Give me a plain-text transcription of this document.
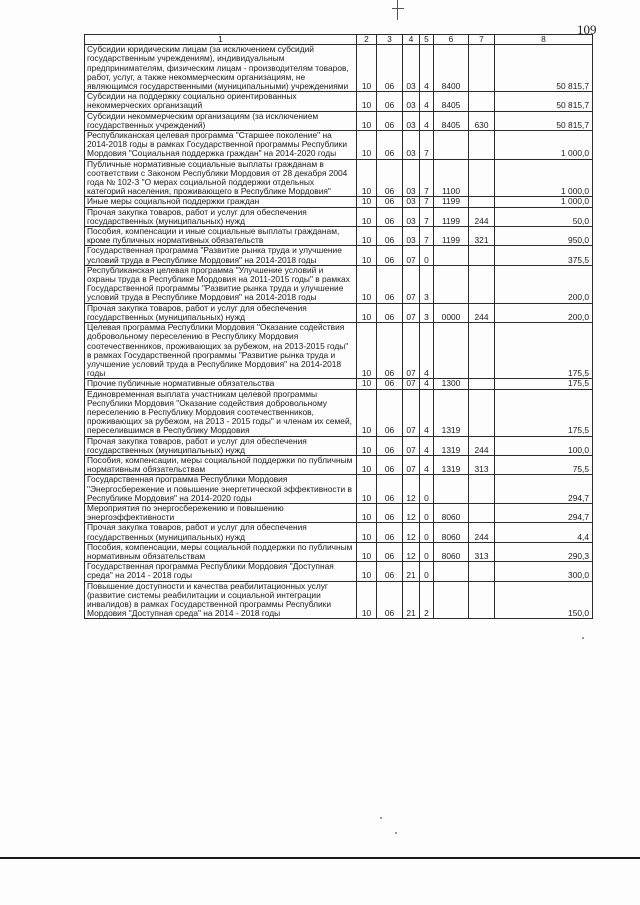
109
1	2	3	4	5	6	7	8
Субсидии юридическим лицам (за исключением субсидий государственным учреждениям), индивидуальным предпринимателям, физическим лицам - производителям товаров, работ, услуг, а также некоммерческим организациям, не являющимся государственными (муниципальными) учреждениями	10	06	03	4	8400		50 815,7
Субсидии на поддержку социально ориентированных некоммерческих организаций	10	06	03	4	8405		50 815,7
Субсидии некоммерческим организациям (за исключением государственных учреждений)	10	06	03	4	8405	630	50 815,7
Республиканская целевая программа "Старшее поколение" на 2014-2018 годы в рамках Государственной программы Республики Мордовия "Социальная поддержка граждан" на 2014-2020 годы	10	06	03	7			1 000,0
Публичные нормативные социальные выплаты гражданам в соответствии с Законом Республики Мордовия от 28 декабря 2004 года № 102-З "О мерах социальной поддержки отдельных категорий населения, проживающего в Республике Мордовия"	10	06	03	7	1100		1 000,0
Иные меры социальной поддержки граждан	10	06	03	7	1199		1 000,0
Прочая закупка товаров, работ и услуг для обеспечения государственных (муниципальных) нужд	10	06	03	7	1199	244	50,0
Пособия, компенсации и иные социальные выплаты гражданам, кроме публичных нормативных обязательств	10	06	03	7	1199	321	950,0
Государственная программа "Развитие рынка труда и улучшение условий труда в Республике Мордовия" на 2014-2018 годы	10	06	07	0			375,5
Республиканская целевая программа "Улучшение условий и охраны труда в Республике Мордовия на 2011-2015 годы" в рамках Государственной программы "Развитие рынка труда и улучшение условий труда в Республике Мордовия" на 2014-2018 годы	10	06	07	3			200,0
Прочая закупка товаров, работ и услуг для обеспечения государственных (муниципальных) нужд	10	06	07	3	0000	244	200,0
Целевая программа Республики Мордовия "Оказание содействия добровольному переселению в Республику Мордовия соотечественников, проживающих за рубежом, на 2013-2015 годы" в рамках Государственной программы "Развитие рынка труда и улучшение условий труда в Республике Мордовия" на 2014-2018 годы	10	06	07	4			175,5
Прочие публичные нормативные обязательства	10	06	07	4	1300		175,5
Единовременная выплата участникам целевой программы Республики Мордовия "Оказание содействия добровольному переселению в Республику Мордовия соотечественников, проживающих за рубежом, на 2013 - 2015 годы" и членам их семей, переселившимся в Республику Мордовия	10	06	07	4	1319		175,5
Прочая закупка товаров, работ и услуг для обеспечения государственных (муниципальных) нужд	10	06	07	4	1319	244	100,0
Пособия, компенсации, меры социальной поддержки по публичным нормативным обязательствам	10	06	07	4	1319	313	75,5
Государственная программа Республики Мордовия "Энергосбережение и повышение энергетической эффективности в Республике Мордовия" на 2014-2020 годы	10	06	12	0			294,7
Мероприятия по энергосбережению и повышению энергоэффективности	10	06	12	0	8060		294,7
Прочая закупка товаров, работ и услуг для обеспечения государственных (муниципальных) нужд	10	06	12	0	8060	244	4,4
Пособия, компенсации, меры социальной поддержки по публичным нормативным обязательствам	10	06	12	0	8060	313	290,3
Государственная программа Республики Мордовия "Доступная среда" на 2014 - 2018 годы	10	06	21	0			300,0
Повышение доступности и качества реабилитационных услуг (развитие системы реабилитации и социальной интеграции инвалидов) в рамках Государственной программы Республики Мордовия "Доступная среда" на 2014 - 2018 годы	10	06	21	2			150,0
